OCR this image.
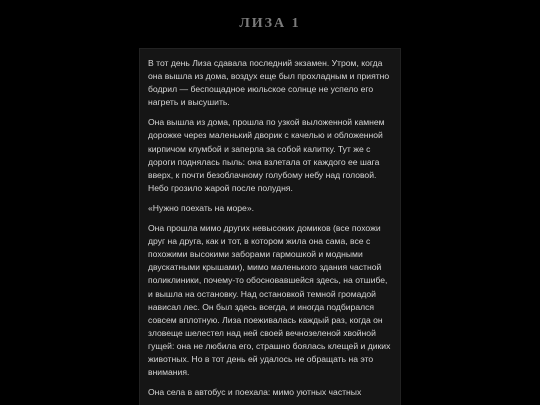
ЛИЗА 1

В тот день Лиза сдавала последний экзамен. Утром, когда она вышла из дома, воздух еще был прохладным и приятно бодрил — беспощадное июльское солнце не успело его нагреть и высушить.

Она вышла из дома, прошла по узкой выложенной камнем дорожке через маленький дворик с качелью и обложенной кирпичом клумбой и заперла за собой калитку. Тут же с дороги поднялась пыль: она взлетала от каждого ее шага вверх, к почти безоблачному голубому небу над головой. Небо грозило жарой после полудня.

«Нужно поехать на море».

Она прошла мимо других невысоких домиков (все похожи друг на друга, как и тот, в котором жила она сама, все с похожими высокими заборами гармошкой и модными двускатными крышами), мимо маленького здания частной поликлиники, почему-то обосновавшейся здесь, на отшибе, и вышла на остановку. Над остановкой темной громадой нависал лес. Он был здесь всегда, и иногда подбирался совсем вплотную. Лиза поеживалась каждый раз, когда он зловеще шелестел над ней своей вечнозеленой хвойной гущей: она не любила его, страшно боялась клещей и диких животных. Но в тот день ей удалось не обращать на это внимания.

Она села в автобус и поехала: мимо уютных частных
